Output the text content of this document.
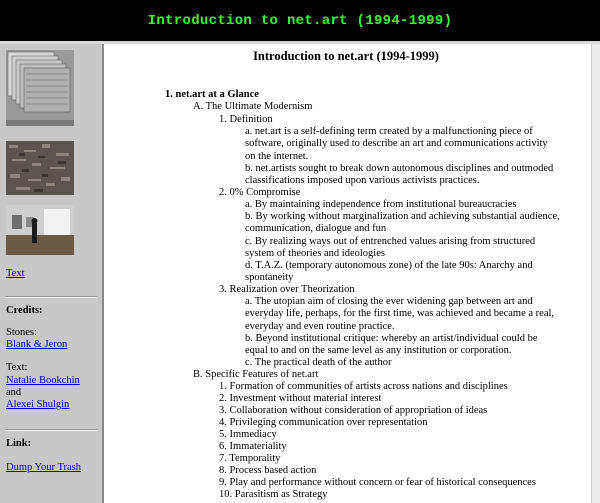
Introduction to net.art (1994-1999)
Text
Credits:
Stones:
Blank & Jeron
Text:
Natalie Bookchin
and
Alexei Shulgin
Link:
Dump Your Trash
Introduction to net.art (1994-1999)
1. net.art at a Glance
A. The Ultimate Modernism
1. Definition
a. net.art is a self-defining term created by a malfunctioning piece of software, originally used to describe an art and communications activity on the internet.
b. net.artists sought to break down autonomous disciplines and outmoded classifications imposed upon various activists practices.
2. 0% Compromise
a. By maintaining independence from institutional bureaucracies
b. By working without marginalization and achieving substantial audience, communication, dialogue and fun
c. By realizing ways out of entrenched values arising from structured system of theories and ideologies
d. T.A.Z. (temporary autonomous zone) of the late 90s: Anarchy and spontaneity
3. Realization over Theorization
a. The utopian aim of closing the ever widening gap between art and everyday life, perhaps, for the first time, was achieved and became a real, everyday and even routine practice.
b. Beyond institutional critique: whereby an artist/individual could be equal to and on the same level as any institution or corporation.
c. The practical death of the author
B. Specific Features of net.art
1. Formation of communities of artists across nations and disciplines
2. Investment without material interest
3. Collaboration without consideration of appropriation of ideas
4. Privileging communication over representation
5. Immediacy
6. Immateriality
7. Temporality
8. Process based action
9. Play and performance without concern or fear of historical consequences
10. Parasitism as Strategy
